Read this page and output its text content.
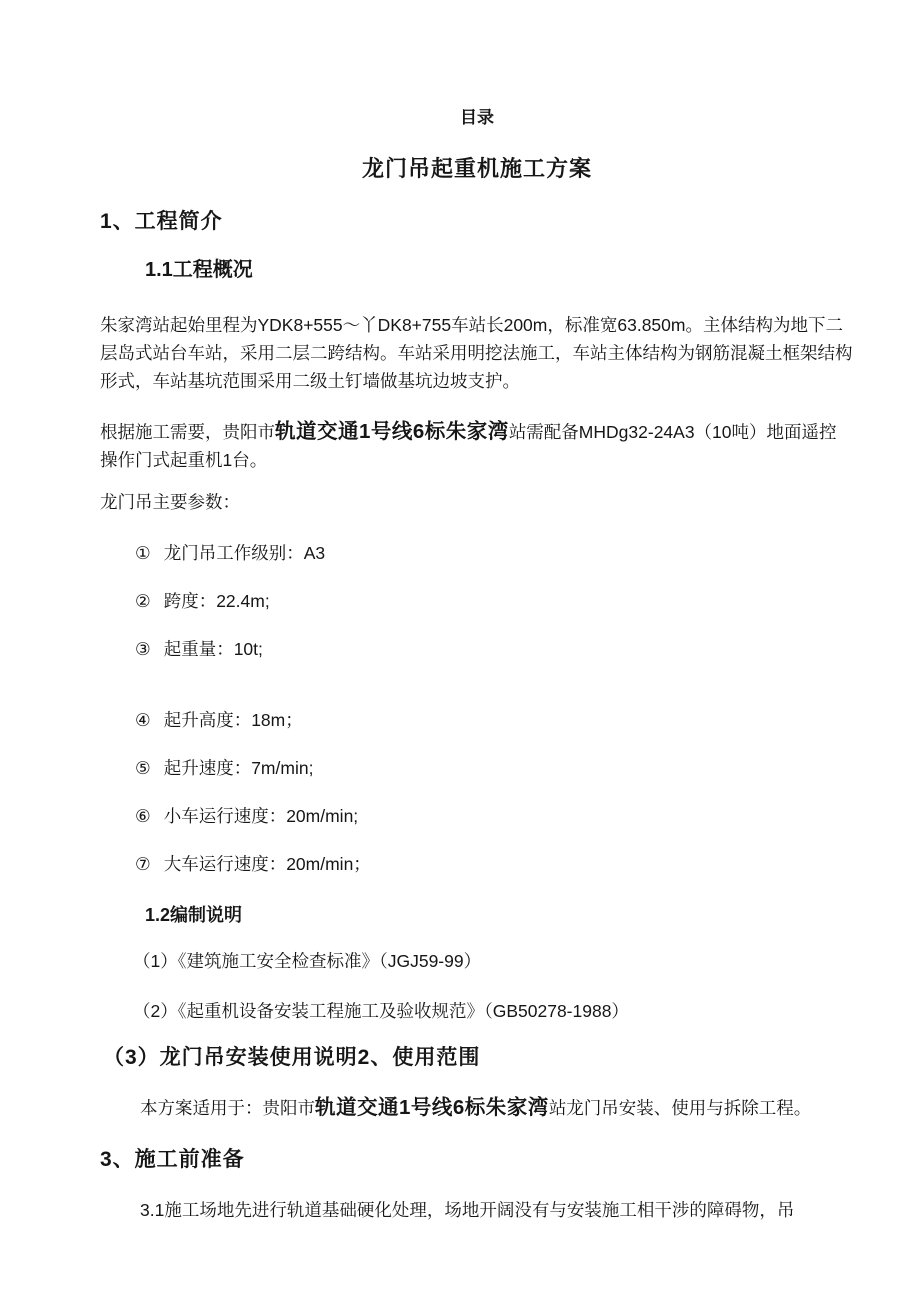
目录
龙门吊起重机施工方案
1、工程简介
1.1工程概况

朱家湾站起始里程为YDK8+555～丫DK8+755车站长200m，标准宽63.850m。主体结构为地下二层岛式站台车站，采用二层二跨结构。车站采用明挖法施工，车站主体结构为钢筋混凝土框架结构形式，车站基坑范围采用二级土钉墙做基坑边坡支护。

根据施工需要，贵阳市轨道交通1号线6标朱家湾站需配备MHDg32-24A3（10吨）地面遥控操作门式起重机1台。

龙门吊主要参数：

① 龙门吊工作级别：A3
② 跨度：22.4m;
③ 起重量：10t;
④ 起升高度：18m；
⑤ 起升速度：7m/min;
⑥ 小车运行速度：20m/min;
⑦ 大车运行速度：20m/min；
1.2编制说明

（1）《建筑施工安全检查标准》（JGJ59-99）

（2）《起重机设备安装工程施工及验收规范》（GB50278-1988）

（3）龙门吊安装使用说明2、使用范围

本方案适用于：贵阳市轨道交通1号线6标朱家湾站龙门吊安装、使用与拆除工程。

3、施工前准备

3.1施工场地先进行轨道基础硬化处理，场地开阔没有与安装施工相干涉的障碍物，吊
